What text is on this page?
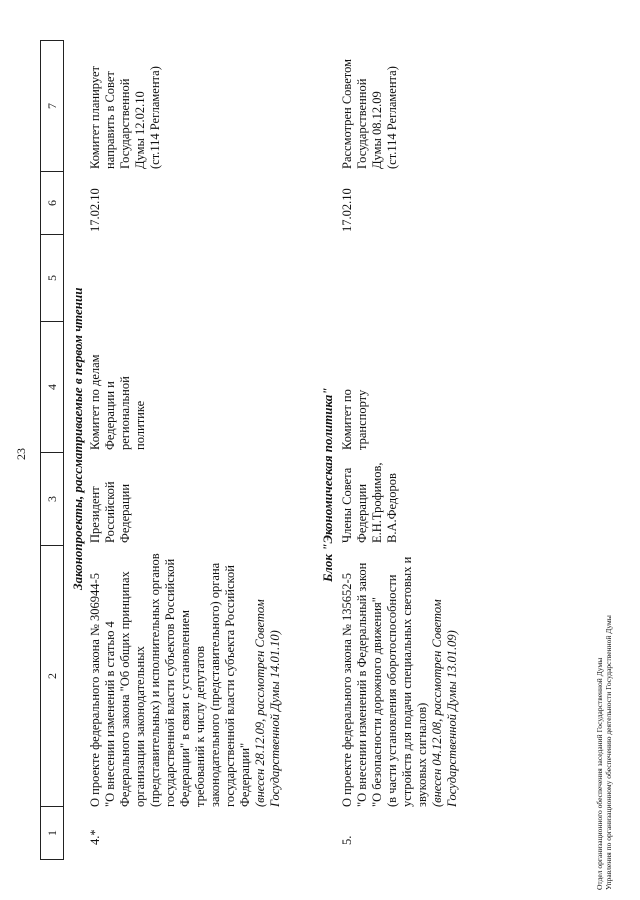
23
1
2
3
4
5
6
7
Законопроекты, рассматриваемые в первом чтении
4.*
О проекте федерального закона № 306944-5 "О внесении изменений в статью 4 Федерального закона "Об общих принципах организации законодательных (представительных) и исполнительных органов государственной власти субъектов Российской Федерации" в связи с установлением требований к числу депутатов законодательного (представительного) органа государственной власти субъекта Российской Федерации" (внесен 28.12.09, рассмотрен Советом Государственной Думы 14.01.10)
Президент Российской Федерации
Комитет по делам Федерации и региональной политике
17.02.10
Комитет планирует направить в Совет Государственной Думы 12.02.10 (ст.114 Регламента)
Блок "Экономическая политика"
5.
О проекте федерального закона № 135652-5 "О внесении изменений в Федеральный закон "О безопасности дорожного движения" (в части установления оборотоспособности устройств для подачи специальных световых и звуковых сигналов) (внесен 04.12.08, рассмотрен Советом Государственной Думы 13.01.09)
Члены Совета Федерации Е.Н.Трофимов, В.А.Федоров
Комитет по транспорту
17.02.10
Рассмотрен Советом Государственной Думы 08.12.09 (ст.114 Регламента)
Отдел организационного обеспечения заседаний Государственной Думы Управления по организационному обеспечению деятельности Государственной Думы
